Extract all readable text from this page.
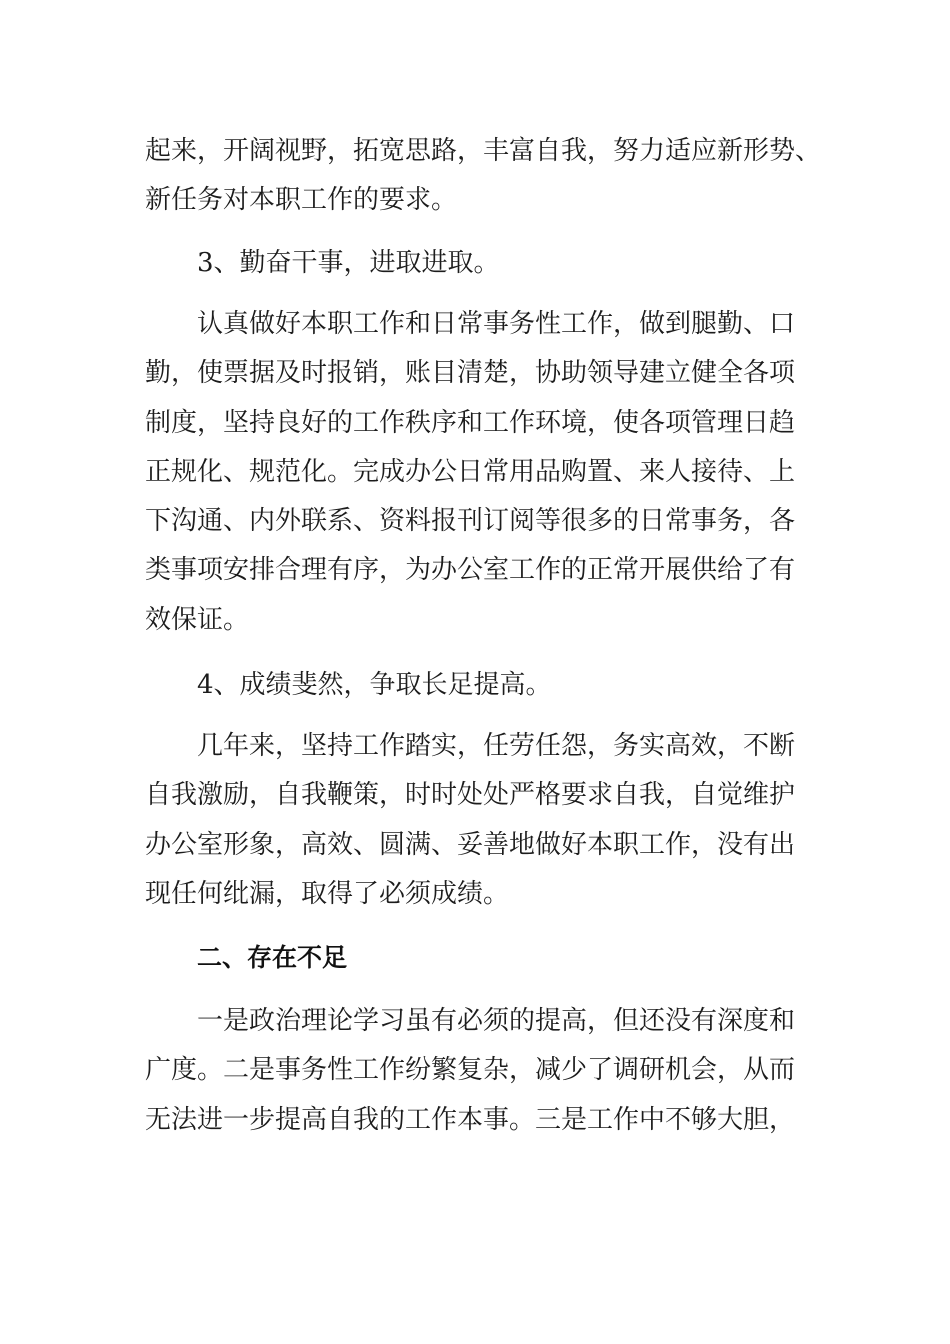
起来，开阔视野，拓宽思路，丰富自我，努力适应新形势、
新任务对本职工作的要求。
3、勤奋干事，进取进取。
认真做好本职工作和日常事务性工作，做到腿勤、口
勤，使票据及时报销，账目清楚，协助领导建立健全各项
制度，坚持良好的工作秩序和工作环境，使各项管理日趋
正规化、规范化。完成办公日常用品购置、来人接待、上
下沟通、内外联系、资料报刊订阅等很多的日常事务，各
类事项安排合理有序，为办公室工作的正常开展供给了有
效保证。
4、成绩斐然，争取长足提高。
几年来，坚持工作踏实，任劳任怨，务实高效，不断
自我激励，自我鞭策，时时处处严格要求自我，自觉维护
办公室形象，高效、圆满、妥善地做好本职工作，没有出
现任何纰漏，取得了必须成绩。
二、存在不足
一是政治理论学习虽有必须的提高，但还没有深度和
广度。二是事务性工作纷繁复杂，减少了调研机会，从而
无法进一步提高自我的工作本事。三是工作中不够大胆，
